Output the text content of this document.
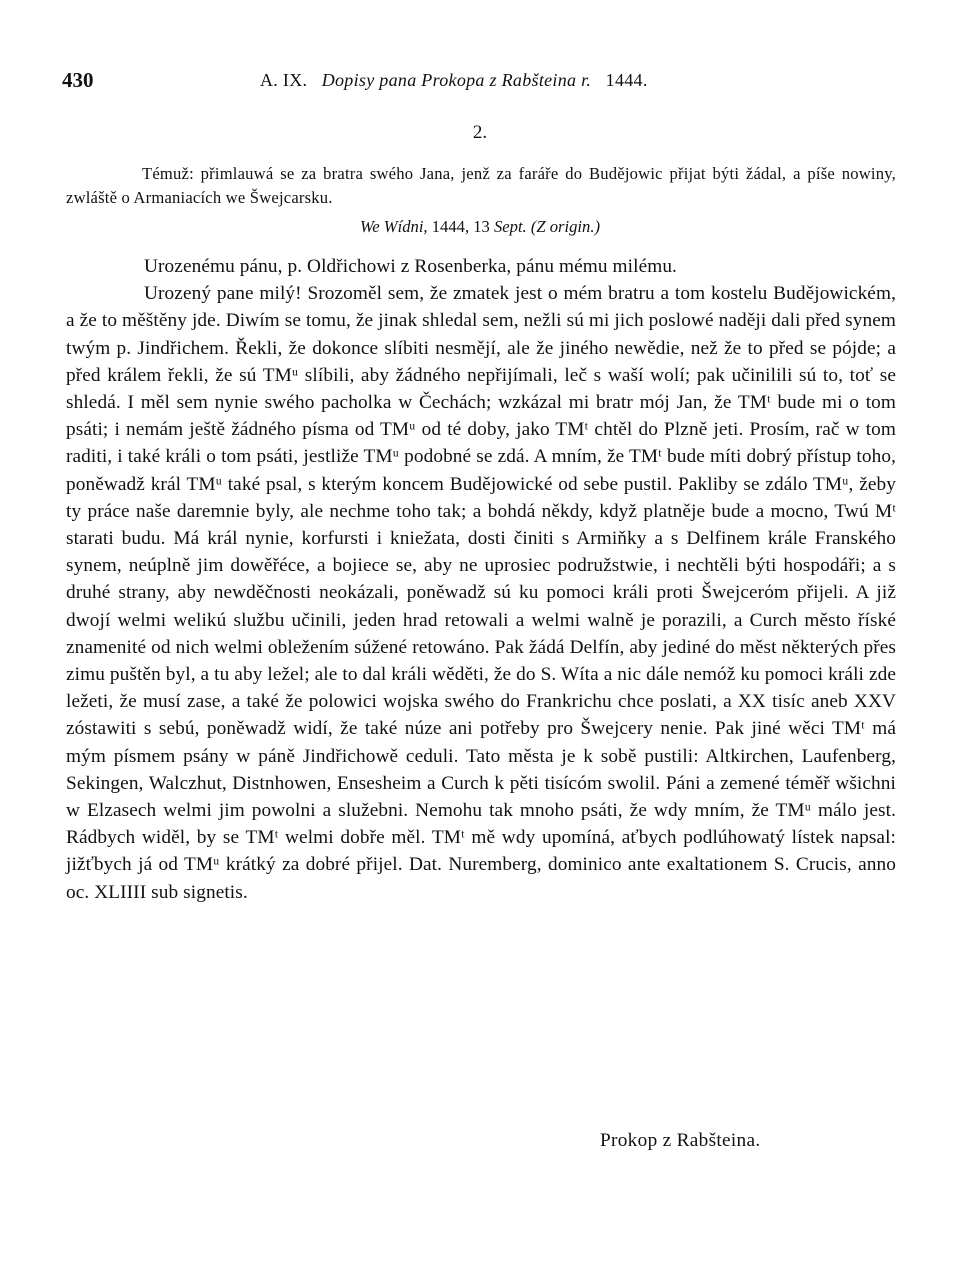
430	A. IX. Dopisy pana Prokopa z Rabšteina r. 1444.
2.
Témuž: přimlauwá se za bratra swého Jana, jenž za faráře do Budějowic přijat býti žádal, a píše nowiny, zwláště o Armaniacích we Šwejcarsku.
We Wídni, 1444, 13 Sept. (Z origin.)

Urozenému pánu, p. Oldřichowi z Rosenberka, pánu mému milému.

Urozený pane milý! Srozoměl sem, že zmatek jest o mém bratru a tom kostelu Budějowickém, a že to měštěny jde. Diwím se tomu, že jinak shledal sem, nežli sú mi jich poslowé naději dali před synem twým p. Jindřichem. Řekli, že dokonce slíbiti nesmějí, ale že jiného newědie, než že to před se pójde; a před králem řekli, že sú TMᵘ slíbili, aby žádného nepřijímali, leč s waší wolí; pak učinilili sú to, toť se shledá. I měl sem nynie swého pacholka w Čechách; wzkázal mi bratr mój Jan, že TMᵗ bude mi o tom psáti; i nemám ještě žádného písma od TMᵘ od té doby, jako TMᵗ chtěl do Plzně jeti. Prosím, rač w tom raditi, i také králi o tom psáti, jestliže TMᵘ podobné se zdá. A mním, že TMᵗ bude míti dobrý přístup toho, poněwadž král TMᵘ také psal, s kterým koncem Budějowické od sebe pustil. Pakliby se zdálo TMᵘ, žeby ty práce naše daremnie byly, ale nechme toho tak; a bohdá někdy, když platněje bude a mocno, Twú Mᵗ starati budu. Má král nynie, korfursti i kniežata, dosti činiti s Armiňky a s Delfinem krále Franského synem, neúplně jim dowěřéce, a bojiece se, aby ne uprosiec podružstwie, i nechtěli býti hospodáři; a s druhé strany, aby newděčnosti neokázali, poněwadž sú ku pomoci králi proti Šwejcerόm přijeli. A již dwojí welmi welikú službu učinili, jeden hrad retowali a welmi walně je porazili, a Curch město říské znamenité od nich welmi obležením súžené retowáno. Pak žádá Delfín, aby jediné do měst některých přes zimu puštěn byl, a tu aby ležel; ale to dal králi wěděti, že do S. Wíta a nic dále nemóž ku pomoci králi zde ležeti, že musí zase, a také že polowici wojska swého do Frankrichu chce poslati, a XX tisíc aneb XXV zóstawiti s sebú, poněwadž widí, že také núze ani potřeby pro Šwejcery nenie. Pak jiné wěci TMᵗ má mým písmem psány w páně Jindřichowě ceduli. Tato města je k sobě pustili: Altkirchen, Laufenberg, Sekingen, Walczhut, Distnhowen, Ensesheim a Curch k pěti tisícóm swolil. Páni a zemené téměř wšichni w Elzasech welmi jim powolni a služebni. Nemohu tak mnoho psáti, že wdy mním, že TMᵘ málo jest. Rádbych widěl, by se TMᵗ welmi dobře měl. TMᵗ mě wdy upomíná, aťbych podlúhowatý lístek napsal: jižťbych já od TMᵘ krátký za dobré přijel. Dat. Nuremberg, dominico ante exaltationem S. Crucis, anno oc. XLIIII sub signetis.

Prokop z Rabšteina.
